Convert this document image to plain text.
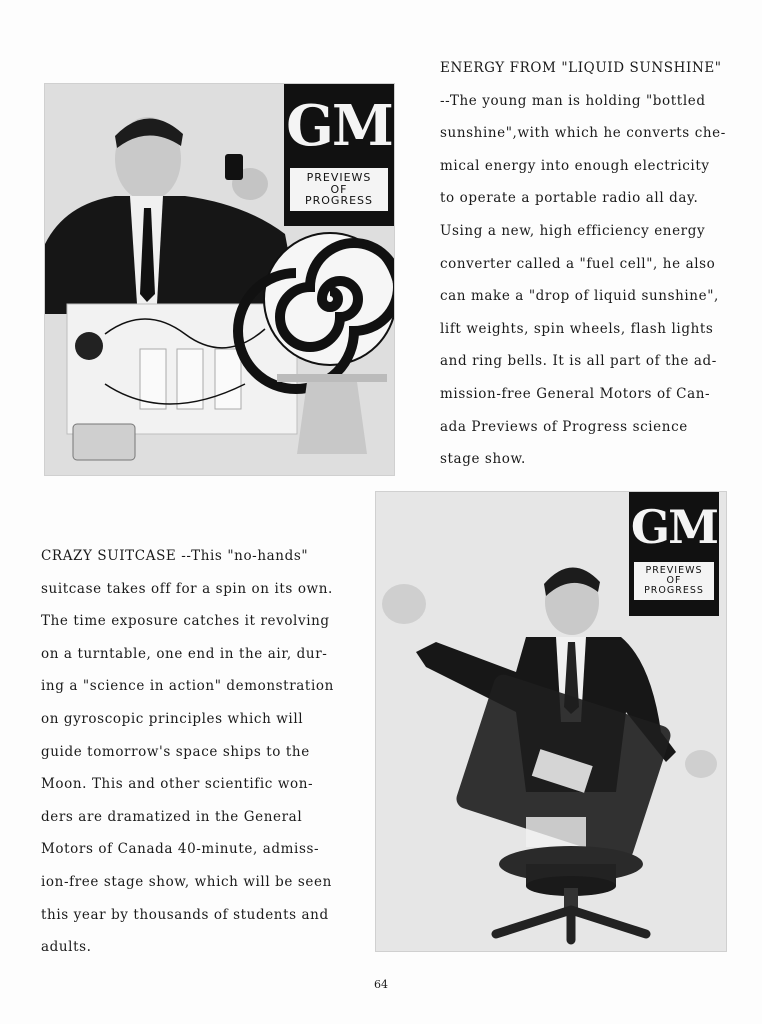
GM
PREVIEWS
OF
PROGRESS
ENERGY FROM "LIQUID SUNSHINE"
--The young man is holding "bottled
sunshine",with which he converts che-
mical energy into enough electricity
to operate a portable radio all day.
Using a new, high efficiency energy
converter called a "fuel cell", he also
can make a "drop of liquid sunshine",
lift weights, spin wheels, flash lights
and ring bells. It is all part of the ad-
mission-free General Motors of Can-
ada Previews of Progress science
stage show.
GM
PREVIEWS
OF
PROGRESS
CRAZY SUITCASE --This "no-hands"
suitcase takes off for a spin on its own.
The time exposure catches it revolving
on a turntable, one end in the air, dur-
ing a "science in action" demonstration
on gyroscopic principles which will
guide tomorrow's space ships to the
Moon. This and other scientific won-
ders are dramatized in the General
Motors of Canada 40-minute, admiss-
ion-free stage show, which will be seen
this year by thousands of students and
adults.
64
